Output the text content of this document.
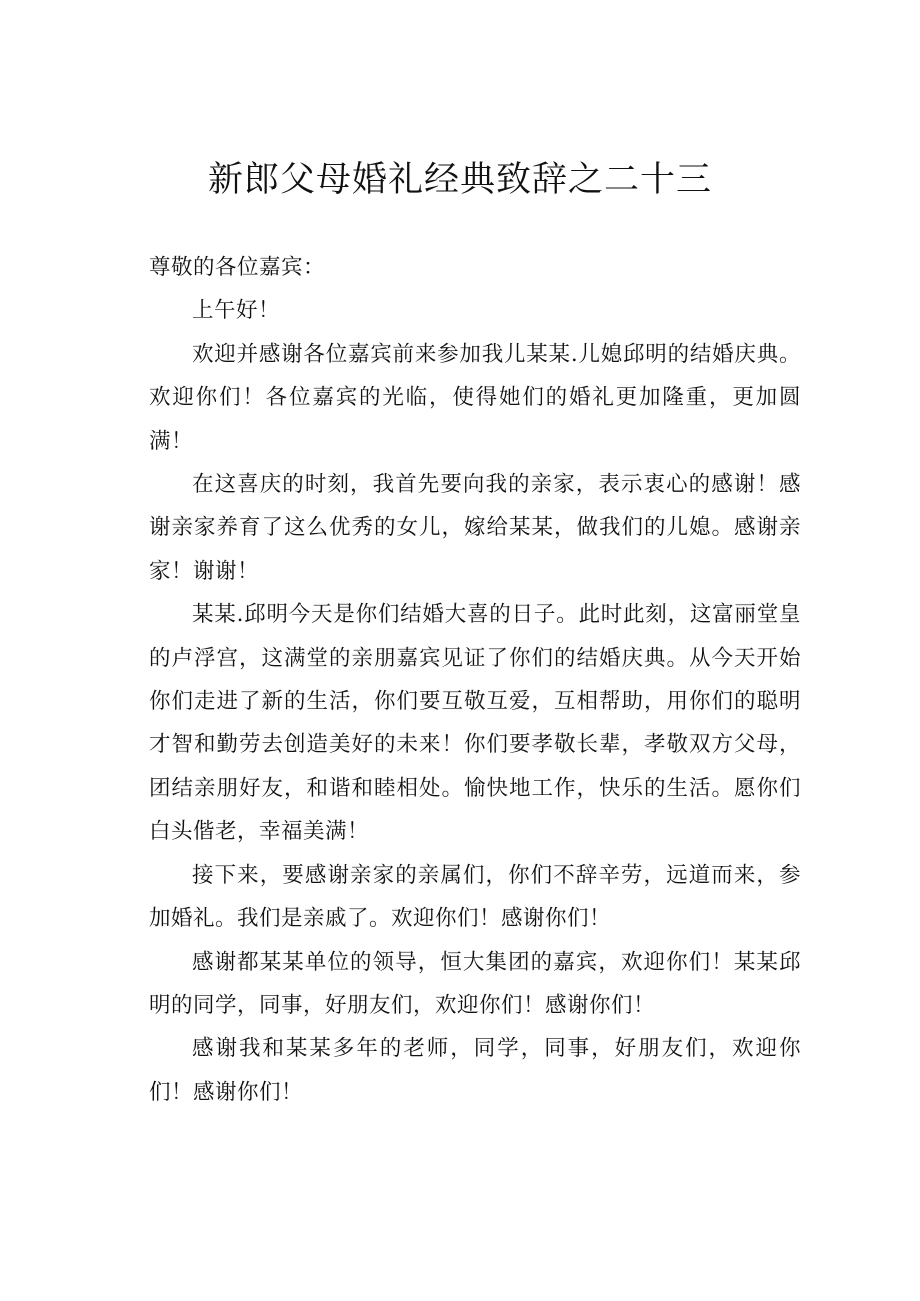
新郎父母婚礼经典致辞之二十三

尊敬的各位嘉宾：

上午好！

欢迎并感谢各位嘉宾前来参加我儿某某.儿媳邱明的结婚庆典。欢迎你们！各位嘉宾的光临，使得她们的婚礼更加隆重，更加圆满！

在这喜庆的时刻，我首先要向我的亲家，表示衷心的感谢！感谢亲家养育了这么优秀的女儿，嫁给某某，做我们的儿媳。感谢亲家！谢谢！

某某.邱明今天是你们结婚大喜的日子。此时此刻，这富丽堂皇的卢浮宫，这满堂的亲朋嘉宾见证了你们的结婚庆典。从今天开始你们走进了新的生活，你们要互敬互爱，互相帮助，用你们的聪明才智和勤劳去创造美好的未来！你们要孝敬长辈，孝敬双方父母，团结亲朋好友，和谐和睦相处。愉快地工作，快乐的生活。愿你们白头偕老，幸福美满！

接下来，要感谢亲家的亲属们，你们不辞辛劳，远道而来，参加婚礼。我们是亲戚了。欢迎你们！感谢你们！

感谢都某某单位的领导，恒大集团的嘉宾，欢迎你们！某某邱明的同学，同事，好朋友们，欢迎你们！感谢你们！

感谢我和某某多年的老师，同学，同事，好朋友们，欢迎你们！感谢你们！
